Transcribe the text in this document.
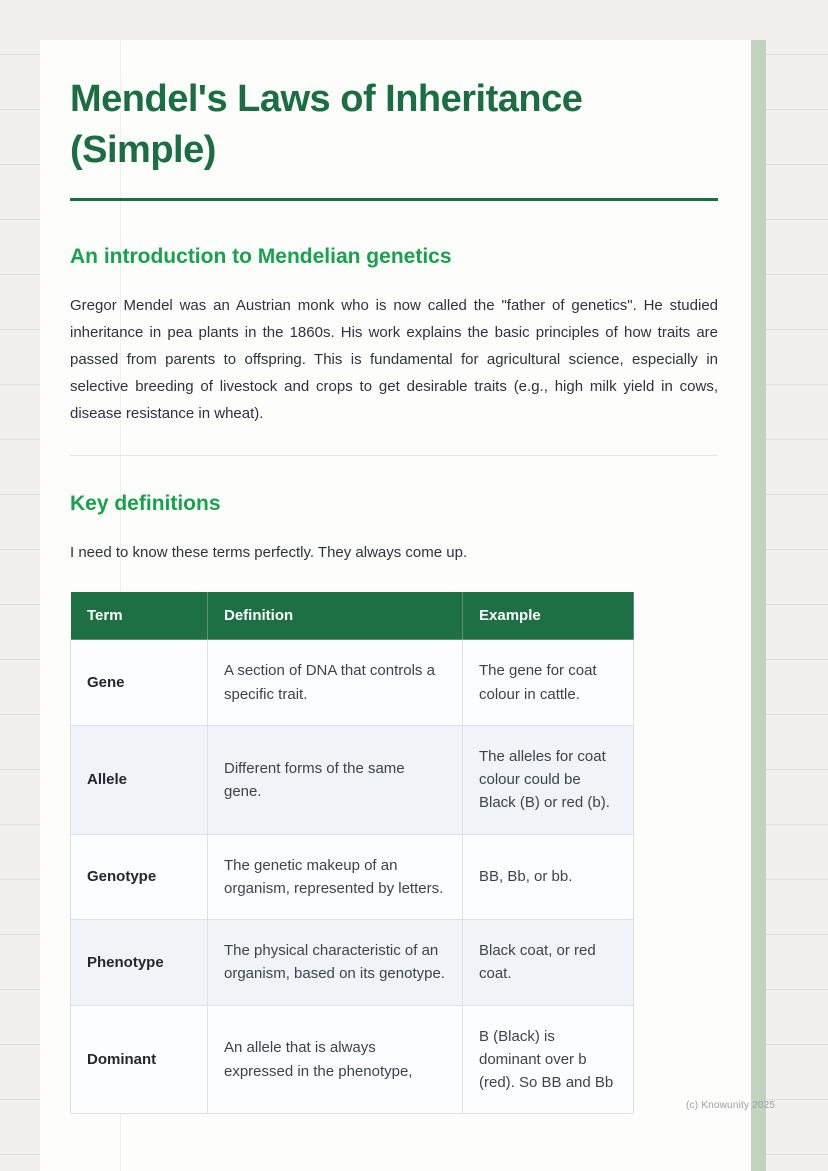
Mendel's Laws of Inheritance
(Simple)
An introduction to Mendelian genetics

Gregor Mendel was an Austrian monk who is now called the "father of genetics". He studied inheritance in pea plants in the 1860s. His work explains the basic principles of how traits are passed from parents to offspring. This is fundamental for agricultural science, especially in selective breeding of livestock and crops to get desirable traits (e.g., high milk yield in cows, disease resistance in wheat).

Key definitions

I need to know these terms perfectly. They always come up.

Term	Definition	Example
Gene	A section of DNA that controls a specific trait.	The gene for coat colour in cattle.
Allele	Different forms of the same gene.	The alleles for coat colour could be Black (B) or red (b).
Genotype	The genetic makeup of an organism, represented by letters.	BB, Bb, or bb.
Phenotype	The physical characteristic of an organism, based on its genotype.	Black coat, or red coat.
Dominant	An allele that is always expressed in the phenotype,	B (Black) is dominant over b (red). So BB and Bb
(c) Knowunity 2025
